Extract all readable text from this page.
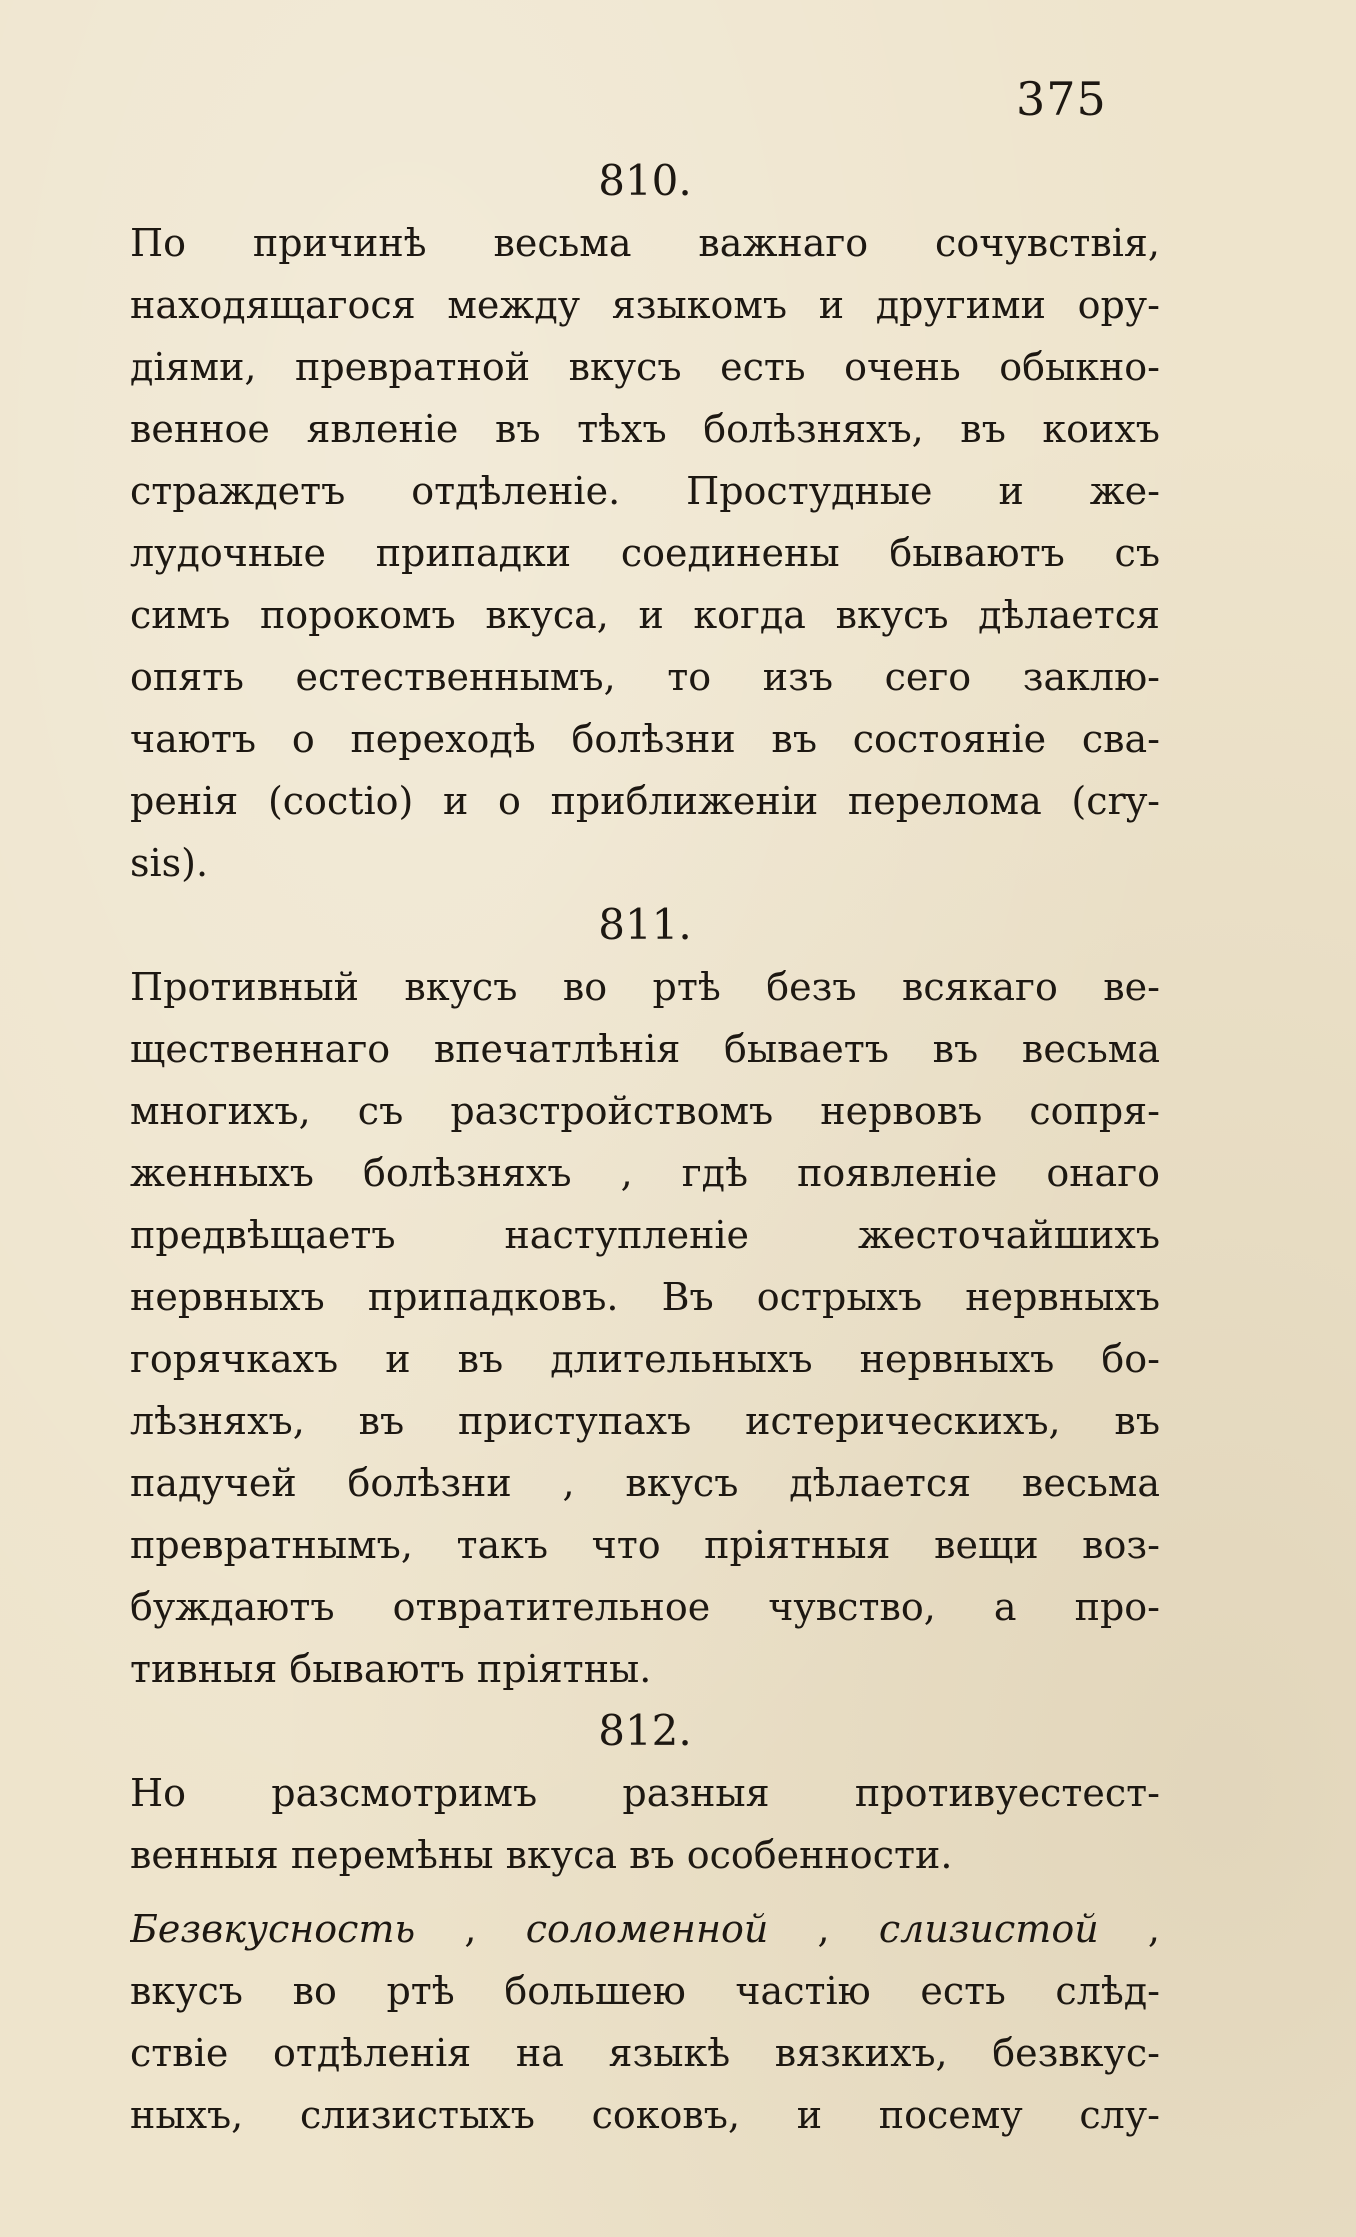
375
810.
По причинѣ весьма важнаго сочувствія,
находящагося между языкомъ и другими ору-
діями, превратной вкусъ есть очень обыкно-
венное явленіе въ тѣхъ болѣзняхъ, въ коихъ
страждетъ отдѣленіе. Простудные и же-
лудочные припадки соединены бываютъ съ
симъ порокомъ вкуса, и когда вкусъ дѣлается
опять естественнымъ, то изъ сего заклю-
чаютъ о переходѣ болѣзни въ состояніе сва-
ренія (coctio) и о приближеніи перелома (cry-
sis).
811.
Противный вкусъ во ртѣ безъ всякаго ве-
щественнаго впечатлѣнія бываетъ въ весьма
многихъ, съ разстройствомъ нервовъ сопря-
женныхъ болѣзняхъ , гдѣ появленіе онаго
предвѣщаетъ наступленіе жесточайшихъ
нервныхъ припадковъ. Въ острыхъ нервныхъ
горячкахъ и въ длительныхъ нервныхъ бо-
лѣзняхъ, въ приступахъ истерическихъ, въ
падучей болѣзни , вкусъ дѣлается весьма
превратнымъ, такъ что пріятныя вещи воз-
буждаютъ отвратительное чувство, а про-
тивныя бываютъ пріятны.
812.
Но разсмотримъ разныя противуестест-
венныя перемѣны вкуса въ особенности.
Безвкусность , соломенной , слизистой ,
вкусъ во ртѣ большею частію есть слѣд-
ствіе отдѣленія на языкѣ вязкихъ, безвкус-
ныхъ, слизистыхъ соковъ, и посему слу-
